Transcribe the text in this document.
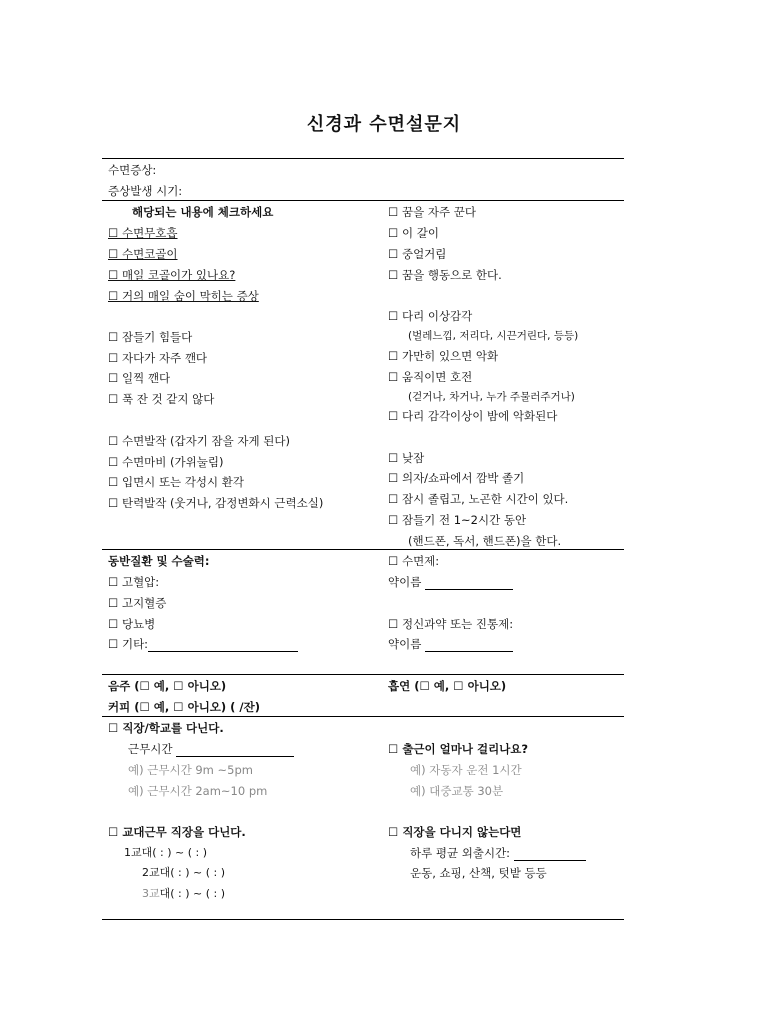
신경과 수면설문지
수면증상:
증상발생 시기:
해당되는 내용에 체크하세요
☐ 수면무호흡
☐ 수면코골이
☐ 매일 코골이가 있나요?
☐ 거의 매일 숨이 막히는 증상
☐ 잠들기 힘들다
☐ 자다가 자주 깬다
☐ 일찍 깬다
☐ 푹 잔 것 같지 않다
☐ 수면발작 (갑자기 잠을 자게 된다)
☐ 수면마비 (가위눌림)
☐ 입면시 또는 각성시 환각
☐ 탄력발작 (웃거나, 감정변화시 근력소실)
☐ 꿈을 자주 꾼다
☐ 이 갈이
☐ 중얼거림
☐ 꿈을 행동으로 한다.
☐ 다리 이상감각
(벌레느낌, 저리다, 시끈거린다, 등등)
☐ 가만히 있으면 악화
☐ 움직이면 호전
(걷거나, 차거나, 누가 주물러주거나)
☐ 다리 감각이상이 밤에 악화된다
☐ 낮잠
☐ 의자/쇼파에서 깜박 졸기
☐ 잠시 졸립고, 노곤한 시간이 있다.
☐ 잠들기 전 1~2시간 동안
(핸드폰, 독서, 핸드폰)을 한다.
동반질환 및 수술력:
☐ 고혈압:
☐ 고지혈증
☐ 당뇨병
☐ 기타:
☐ 수면제:
약이름
☐ 정신과약 또는 진통제:
약이름
음주 (☐ 예, ☐ 아니오)
커피 (☐ 예, ☐ 아니오) ( /잔)
흡연 (☐ 예, ☐ 아니오)
☐ 직장/학교를 다닌다.
근무시간
예) 근무시간 9m ~5pm
예) 근무시간 2am~10 pm
☐ 출근이 얼마나 걸리나요?
예) 자동자 운전 1시간
예) 대중교통 30분
☐ 교대근무 직장을 다닌다.
1교대( : ) ~ ( : )
2교대( : ) ~ ( : )
3교대( : ) ~ ( : )
☐ 직장을 다니지 않는다면
하루 평균 외출시간:
운동, 쇼핑, 산책, 텃밭 등등
